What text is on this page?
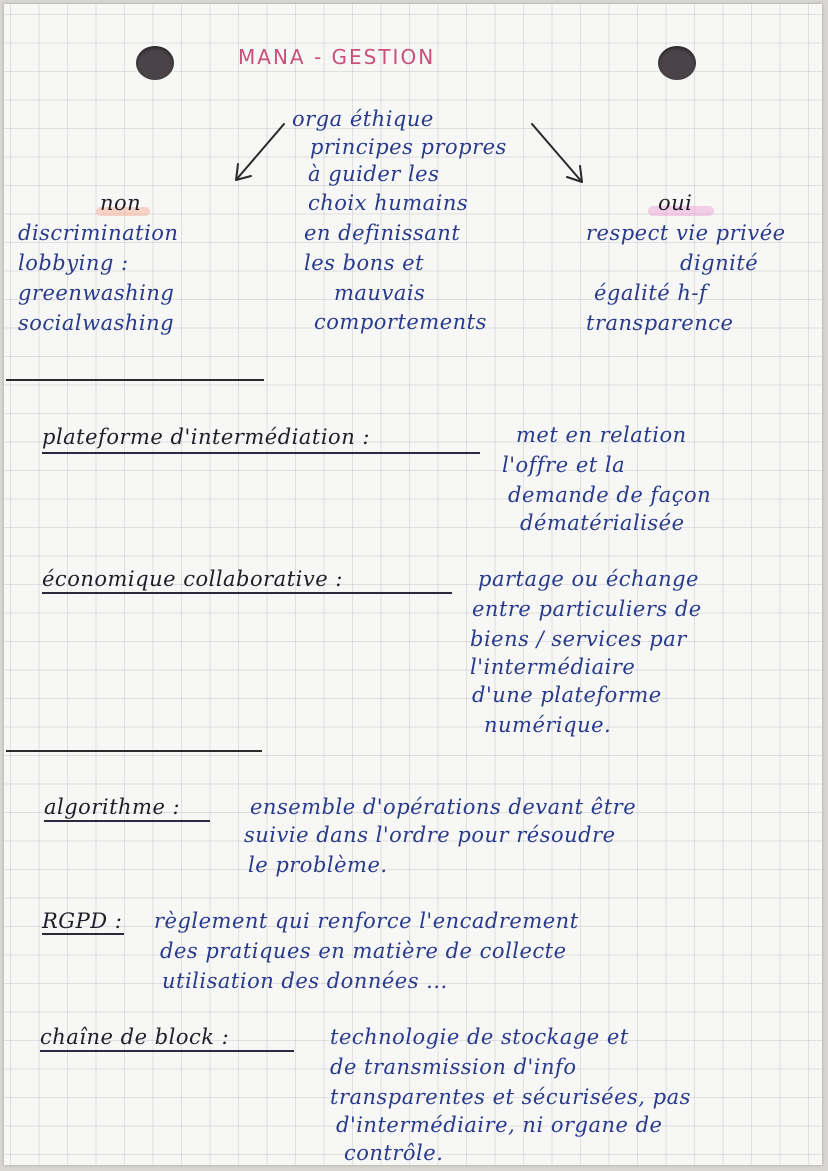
MANA - GESTION
orga éthique
principes propres
à guider les
choix humains
en definissant
les bons et
mauvais
comportements
non
discrimination
lobbying :
greenwashing
socialwashing
oui
respect vie privée
dignité
égalité h-f
transparence
plateforme d'intermédiation :	met en relation
l'offre et la
demande de façon
dématérialisée
économique collaborative :	partage ou échange
entre particuliers de
biens / services par
l'intermédiaire
d'une plateforme
numérique.
algorithme :	ensemble d'opérations devant être
suivie dans l'ordre pour résoudre
le problème.
RGPD : règlement qui renforce l'encadrement
des pratiques en matière de collecte
utilisation des données ...
chaîne de block :	technologie de stockage et
de transmission d'info
transparentes et sécurisées, pas
d'intermédiaire, ni organe de
contrôle.
